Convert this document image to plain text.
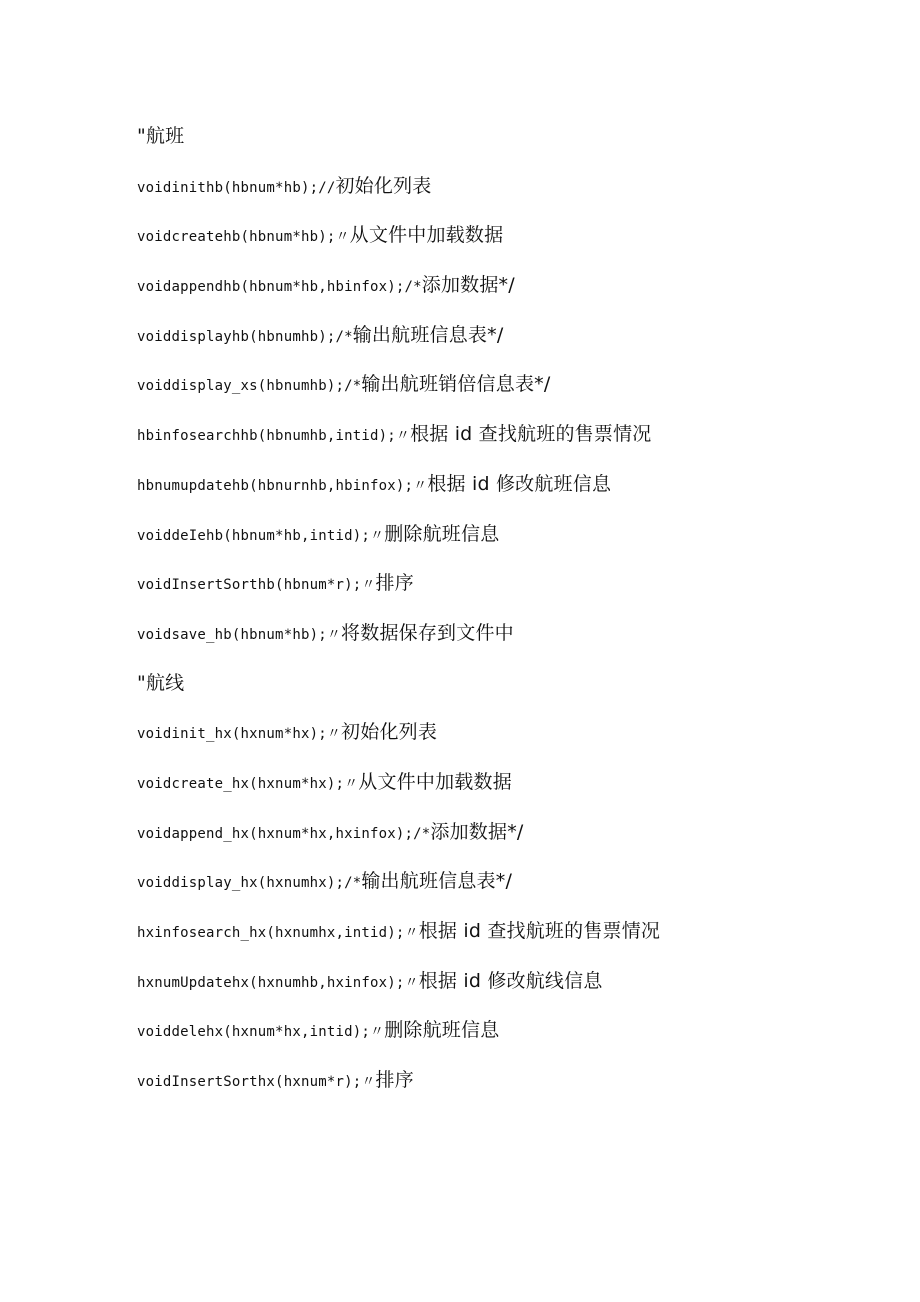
"航班
voidinithb(hbnum*hb);//初始化列表
voidcreatehb(hbnum*hb);〃从文件中加载数据
voidappendhb(hbnum*hb,hbinfox);/*添加数据*/
voiddisplayhb(hbnumhb);/*输出航班信息表*/
voiddisplay_xs(hbnumhb);/*输出航班销倍信息表*/
hbinfosearchhb(hbnumhb,intid);〃根据 id 查找航班的售票情况
hbnumupdatehb(hbnurnhb,hbinfox);〃根据 id 修改航班信息
voiddeIehb(hbnum*hb,intid);〃删除航班信息
voidInsertSorthb(hbnum*r);〃排序
voidsave_hb(hbnum*hb);〃将数据保存到文件中
"航线
voidinit_hx(hxnum*hx);〃初始化列表
voidcreate_hx(hxnum*hx);〃从文件中加载数据
voidappend_hx(hxnum*hx,hxinfox);/*添加数据*/
voiddisplay_hx(hxnumhx);/*输出航班信息表*/
hxinfosearch_hx(hxnumhx,intid);〃根据 id 查找航班的售票情况
hxnumUpdatehx(hxnumhb,hxinfox);〃根据 id 修改航线信息
voiddelehx(hxnum*hx,intid);〃删除航班信息
voidInsertSorthx(hxnum*r);〃排序
